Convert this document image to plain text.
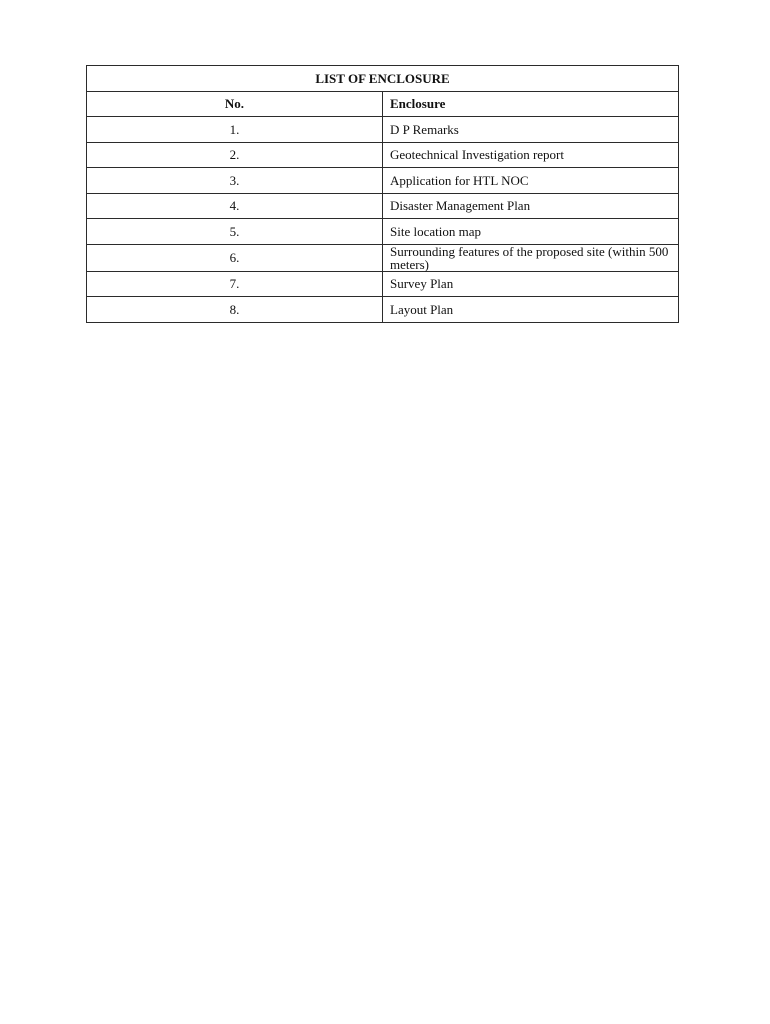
LIST OF ENCLOSURE	
No.	Enclosure
1.	D P Remarks
2.	Geotechnical Investigation report
3.	Application for HTL NOC
4.	Disaster Management Plan
5.	Site location map
6.	Surrounding features of the proposed site (within 500 meters)
7.	Survey Plan
8.	Layout Plan
